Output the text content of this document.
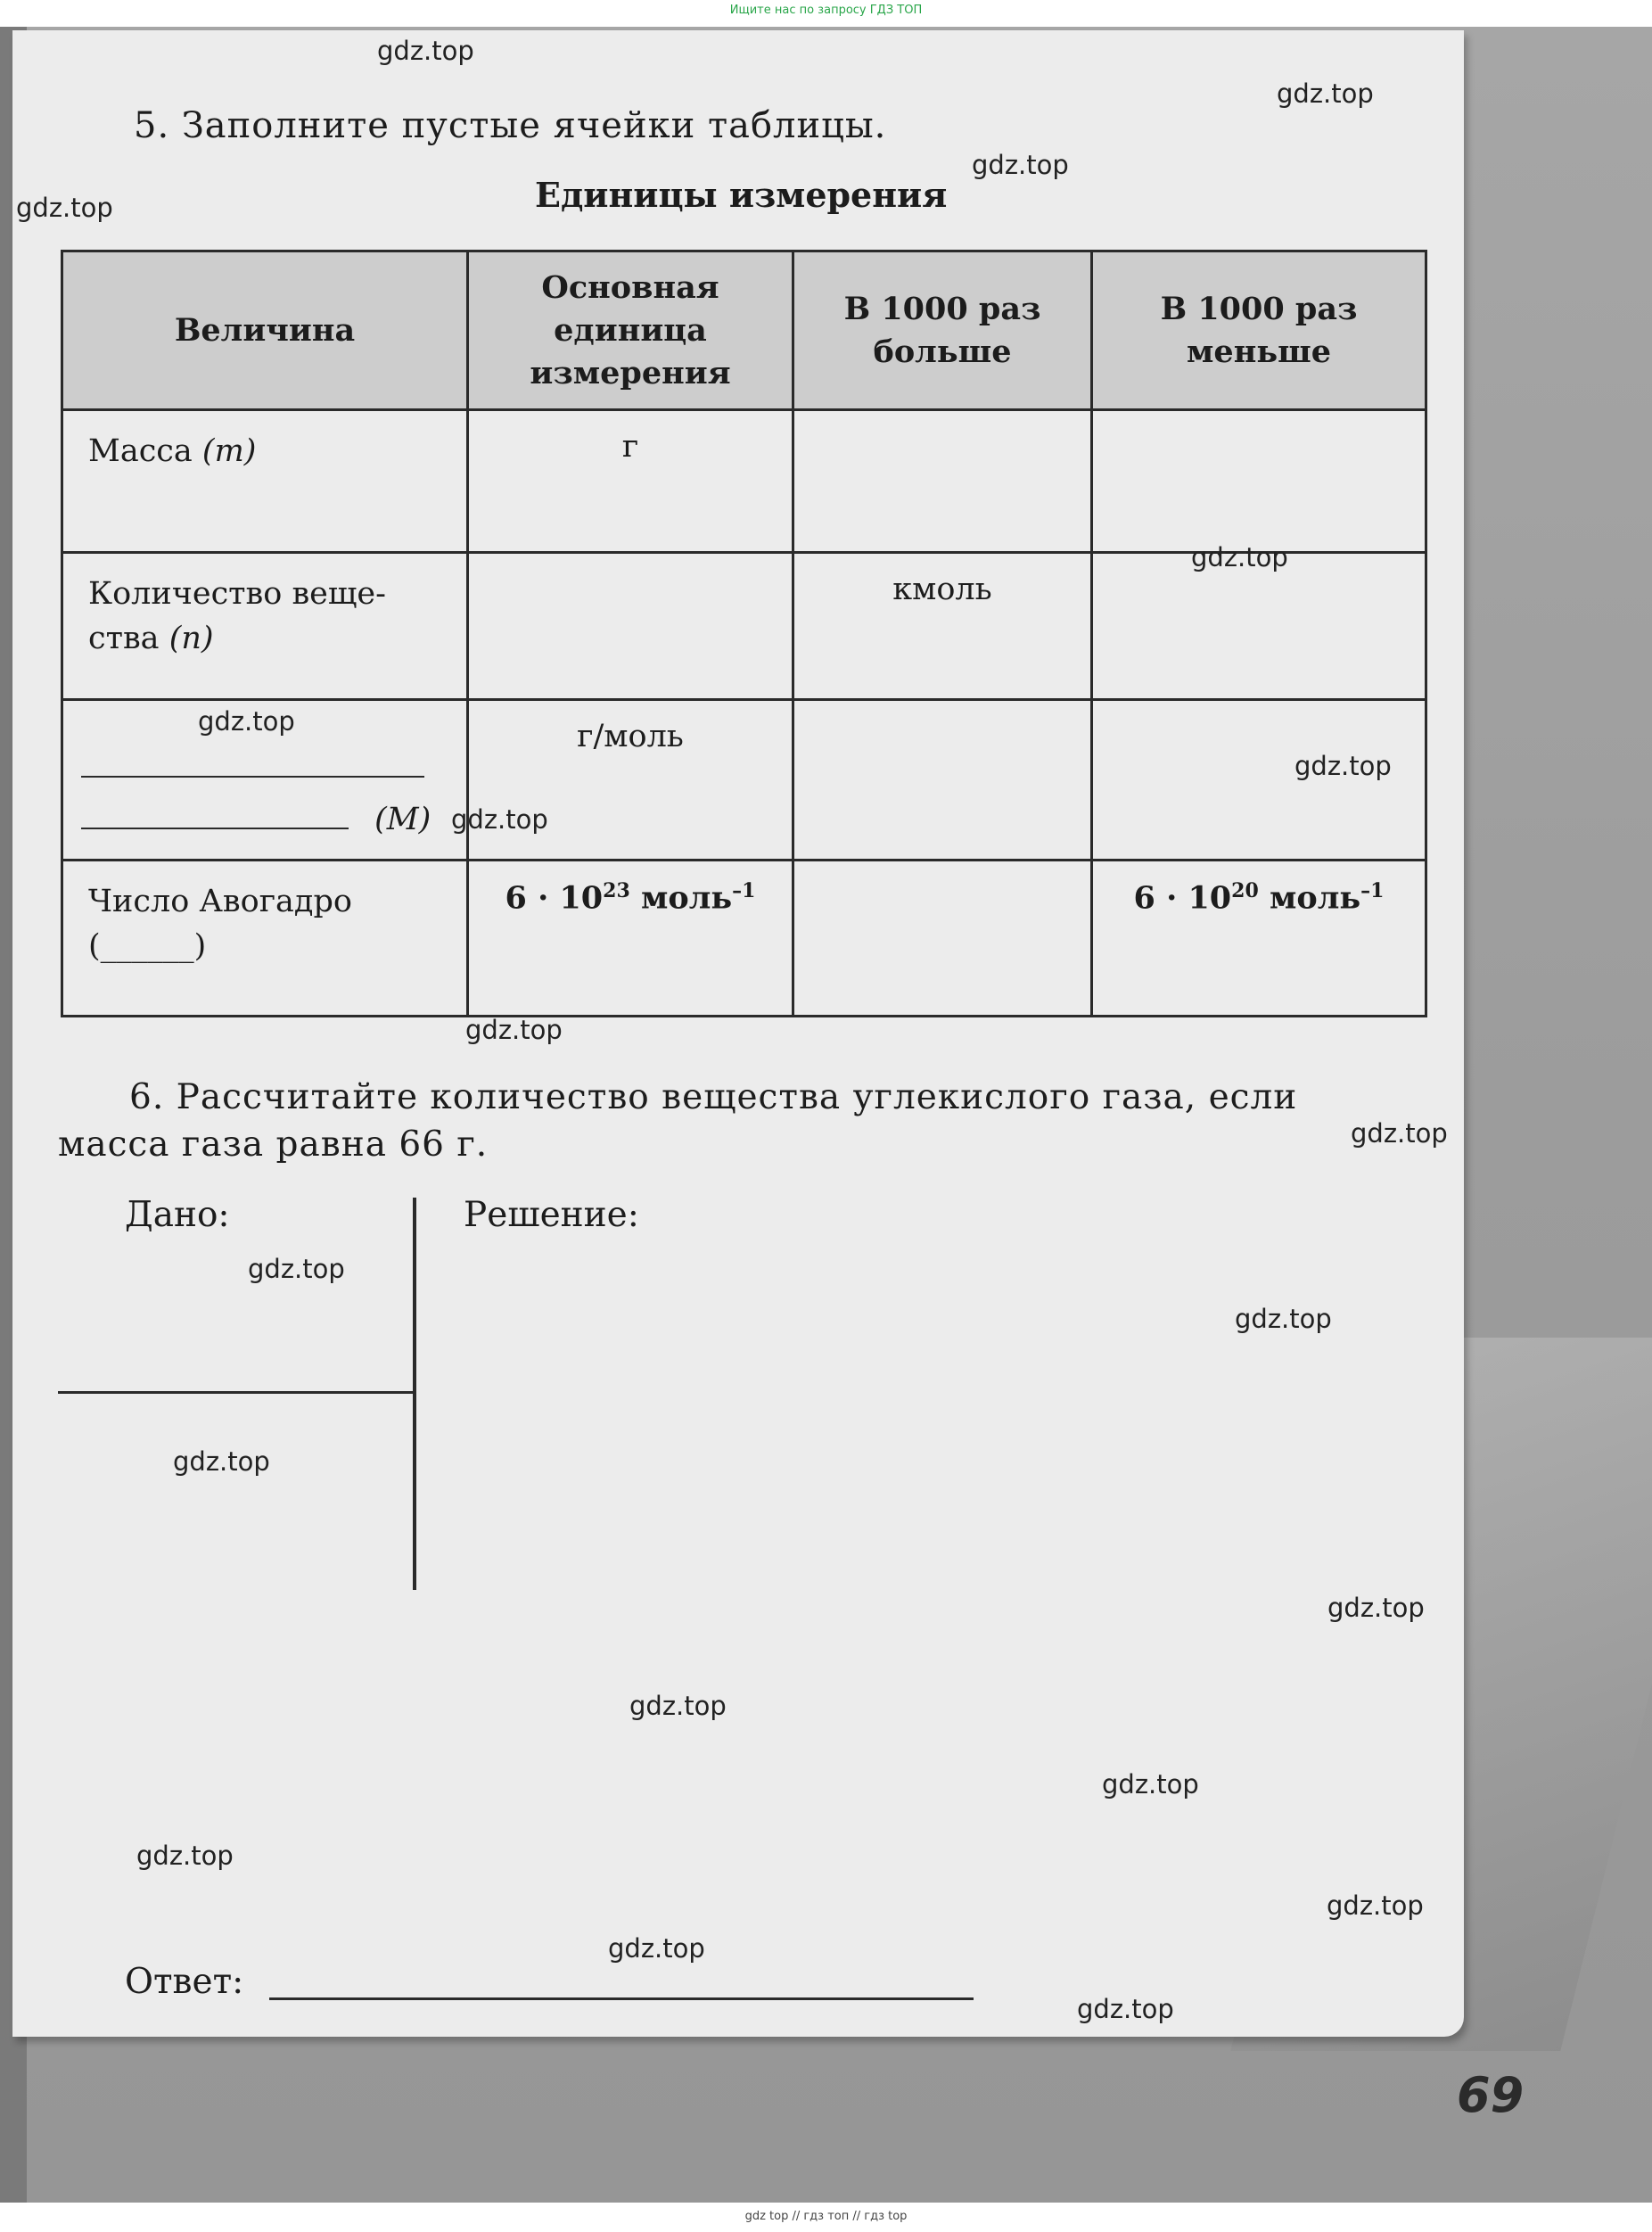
Ищите нас по запросу ГДЗ ТОП
5. Заполните пустые ячейки таблицы.
Единицы измерения
Величина	Основная единица измерения	В 1000 раз больше	В 1000 раз меньше
Масса (m)	г		

Количество веще-
ства (n)		кмоль	

(M)	г/моль		

Число Авогадро
(______)	$6 \cdot 10^{23}$ моль$^{-1}$		$6 \cdot 10^{20}$ моль$^{-1}$
6. Рассчитайте количество вещества углекислого газа, если
масса газа равна 66 г.
Дано:	Решение:
Ответ:
69
gdz.top
gdz.top
gdz.top
gdz.top
gdz.top
gdz.top
gdz.top
gdz.top
gdz.top
gdz.top
gdz.top
gdz.top
gdz.top
gdz.top
gdz.top
gdz.top
gdz.top
gdz.top
gdz.top
gdz.top
gdz top // гдз топ // гдз top
